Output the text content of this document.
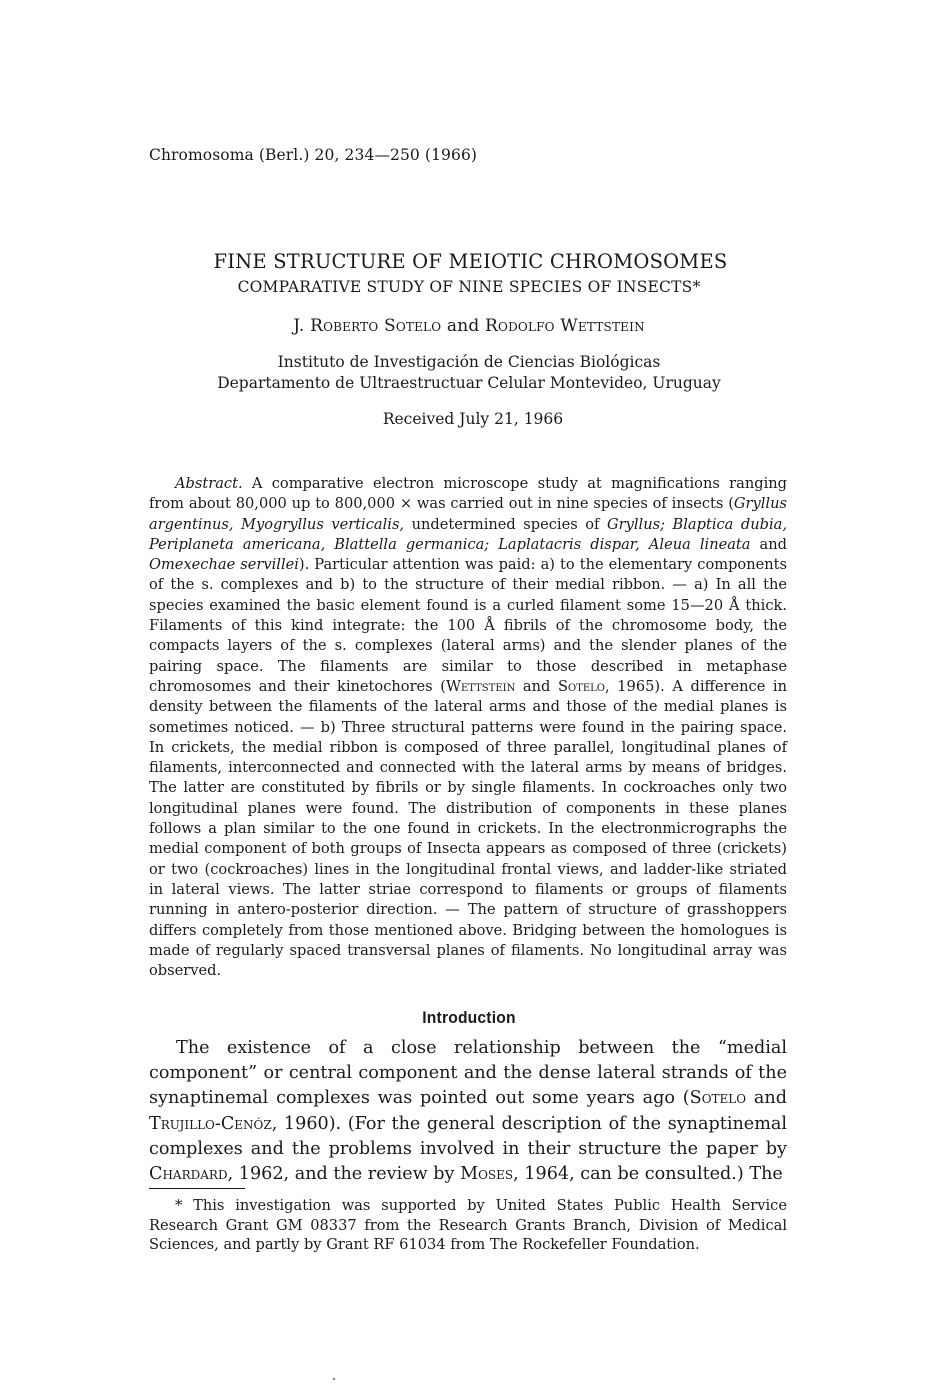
Chromosoma (Berl.) 20, 234—250 (1966)
FINE STRUCTURE OF MEIOTIC CHROMOSOMES
COMPARATIVE STUDY OF NINE SPECIES OF INSECTS*
J. Roberto Sotelo and Rodolfo Wettstein
Instituto de Investigación de Ciencias Biológicas
Departamento de Ultraestructuar Celular Montevideo, Uruguay
Received July 21, 1966

Abstract. A comparative electron microscope study at magnifications ranging from about 80,000 up to 800,000 × was carried out in nine species of insects (Gryllus argentinus, Myogryllus verticalis, undetermined species of Gryllus; Blaptica dubia, Periplaneta americana, Blattella germanica; Laplatacris dispar, Aleua lineata and Omexechae servillei). Particular attention was paid: a) to the elementary components of the s. complexes and b) to the structure of their medial ribbon. — a) In all the species examined the basic element found is a curled filament some 15—20 Å thick. Filaments of this kind integrate: the 100 Å fibrils of the chromosome body, the compacts layers of the s. complexes (lateral arms) and the slender planes of the pairing space. The filaments are similar to those described in metaphase chromosomes and their kinetochores (Wettstein and Sotelo, 1965). A difference in density between the filaments of the lateral arms and those of the medial planes is sometimes noticed. — b) Three structural patterns were found in the pairing space. In crickets, the medial ribbon is composed of three parallel, longitudinal planes of filaments, interconnected and connected with the lateral arms by means of bridges. The latter are constituted by fibrils or by single filaments. In cockroaches only two longitudinal planes were found. The distribution of components in these planes follows a plan similar to the one found in crickets. In the electronmicrographs the medial component of both groups of Insecta appears as composed of three (crickets) or two (cockroaches) lines in the longitudinal frontal views, and ladder-like striated in lateral views. The latter striae correspond to filaments or groups of filaments running in antero-posterior direction. — The pattern of structure of grasshoppers differs completely from those mentioned above. Bridging between the homologues is made of regularly spaced transversal planes of filaments. No longitudinal array was observed.

Introduction

The existence of a close relationship between the “medial component” or central component and the dense lateral strands of the synaptinemal complexes was pointed out some years ago (Sotelo and Trujillo-Cenóz, 1960). (For the general description of the synaptinemal complexes and the problems involved in their structure the paper by Chardard, 1962, and the review by Moses, 1964, can be consulted.) The

* This investigation was supported by United States Public Health Service Research Grant GM 08337 from the Research Grants Branch, Division of Medical Sciences, and partly by Grant RF 61034 from The Rockefeller Foundation.
